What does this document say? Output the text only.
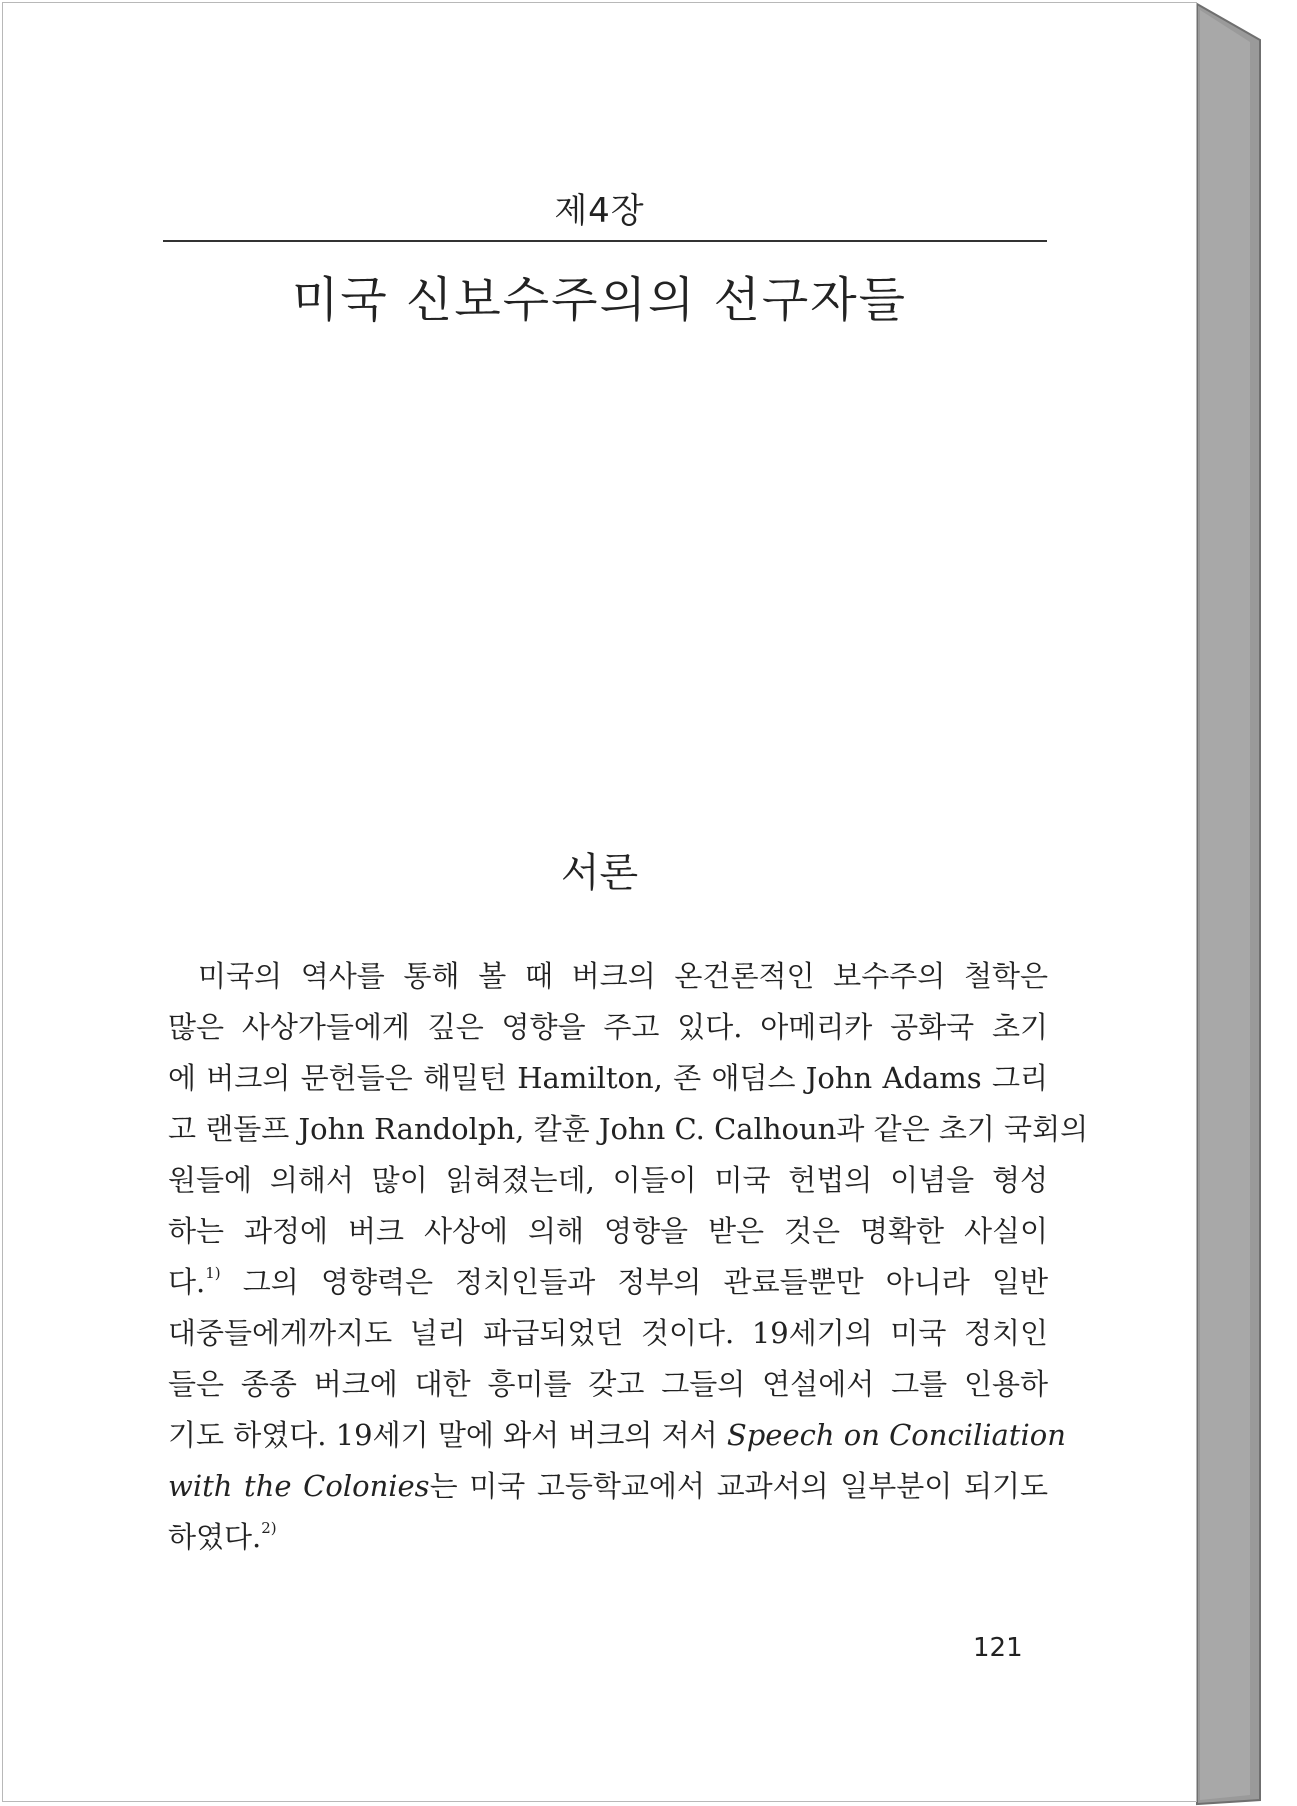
제4장
미국 신보수주의의 선구자들
서론
미국의 역사를 통해 볼 때 버크의 온건론적인 보수주의 철학은
많은 사상가들에게 깊은 영향을 주고 있다. 아메리카 공화국 초기
에 버크의 문헌들은 해밀턴 Hamilton, 존 애덤스 John Adams 그리
고 랜돌프 John Randolph, 칼훈 John C. Calhoun과 같은 초기 국회의
원들에 의해서 많이 읽혀졌는데, 이들이 미국 헌법의 이념을 형성
하는 과정에 버크 사상에 의해 영향을 받은 것은 명확한 사실이
다.$^{1)}$ 그의 영향력은 정치인들과 정부의 관료들뿐만 아니라 일반
대중들에게까지도 널리 파급되었던 것이다. 19세기의 미국 정치인
들은 종종 버크에 대한 흥미를 갖고 그들의 연설에서 그를 인용하
기도 하였다. 19세기 말에 와서 버크의 저서 Speech on Conciliation
with the Colonies는 미국 고등학교에서 교과서의 일부분이 되기도
하였다.$^{2)}$
121
